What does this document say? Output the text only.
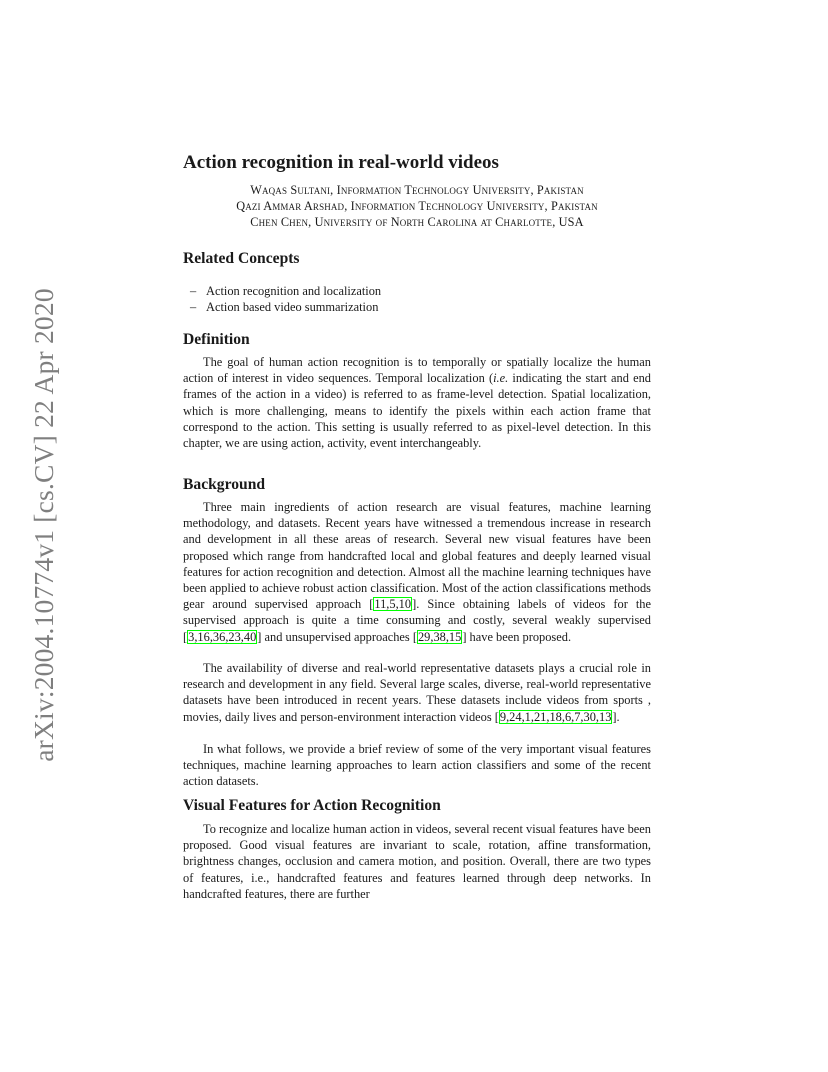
arXiv:2004.10774v1 [cs.CV] 22 Apr 2020
Action recognition in real-world videos
Waqas Sultani, Information Technology University, Pakistan
Qazi Ammar Arshad, Information Technology University, Pakistan
Chen Chen, University of North Carolina at Charlotte, USA
Related Concepts
– Action recognition and localization
– Action based video summarization
Definition

The goal of human action recognition is to temporally or spatially localize the human action of interest in video sequences. Temporal localization (i.e. indicating the start and end frames of the action in a video) is referred to as frame-level detection. Spatial localization, which is more challenging, means to identify the pixels within each action frame that correspond to the action. This setting is usually referred to as pixel-level detection. In this chapter, we are using action, activity, event interchangeably.

Background

Three main ingredients of action research are visual features, machine learning methodology, and datasets. Recent years have witnessed a tremendous increase in research and development in all these areas of research. Several new visual features have been proposed which range from handcrafted local and global features and deeply learned visual features for action recognition and detection. Almost all the machine learning techniques have been applied to achieve robust action classification. Most of the action classifications methods gear around supervised approach [11,5,10]. Since obtaining labels of videos for the supervised approach is quite a time consuming and costly, several weakly supervised [3,16,36,23,40] and unsupervised approaches [29,38,15] have been proposed.

The availability of diverse and real-world representative datasets plays a crucial role in research and development in any field. Several large scales, diverse, real-world representative datasets have been introduced in recent years. These datasets include videos from sports , movies, daily lives and person-environment interaction videos [9,24,1,21,18,6,7,30,13].

In what follows, we provide a brief review of some of the very important visual features techniques, machine learning approaches to learn action classifiers and some of the recent action datasets.

Visual Features for Action Recognition

To recognize and localize human action in videos, several recent visual features have been proposed. Good visual features are invariant to scale, rotation, affine transformation, brightness changes, occlusion and camera motion, and position. Overall, there are two types of features, i.e., handcrafted features and features learned through deep networks. In handcrafted features, there are further
